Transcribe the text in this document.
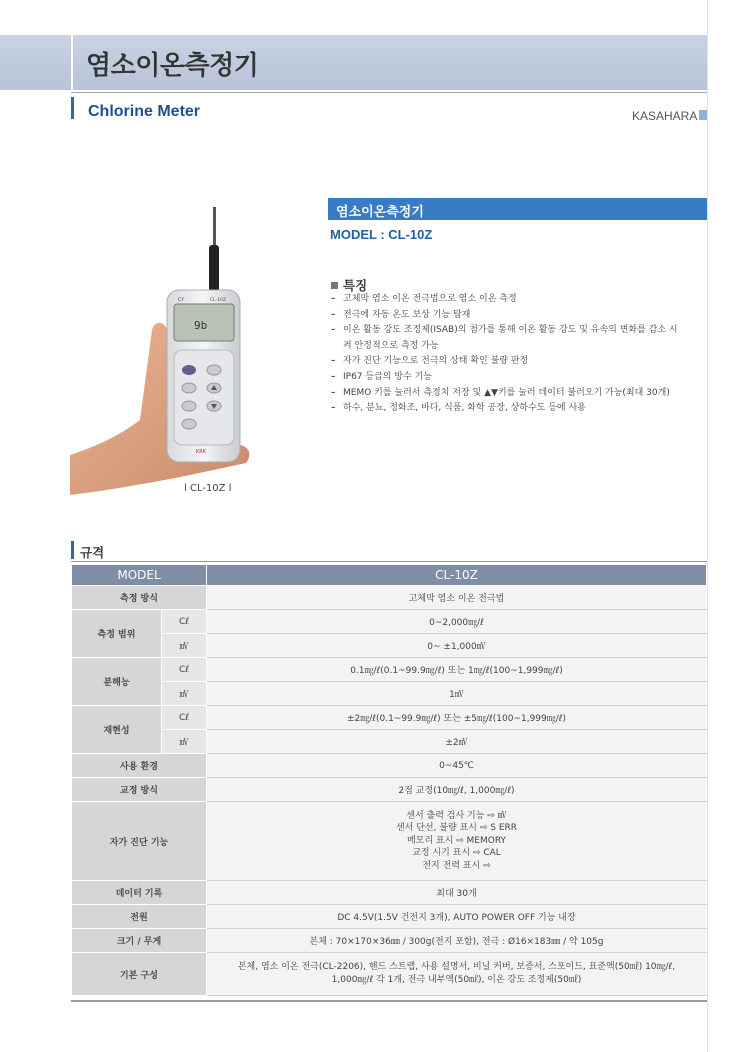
염소이온측정기
Chlorine Meter	KASAHARA
Cℓ	CL-10Z
9b
KRK
l CL-10Z l
염소이온측정기
MODEL : CL-10Z
특징
– 고체막 염소 이온 전극법으로 염소 이온 측정
– 전극에 자동 온도 보상 기능 탑재
– 이온 활동 강도 조정제(ISAB)의 첨가를 통해 이온 활동 강도 및 유속의 변화를 감소 시켜 안정적으로 측정 가능
– 자가 진단 기능으로 전극의 상태 확인 불량 판정
– IP67 등급의 방수 기능
– MEMO 키를 눌러서 측정치 저장 및 ▲▼키를 눌러 데이터 불러오기 가능(최대 30개)
– 하수, 분뇨, 정화조, 바다, 식품, 화학 공장, 상하수도 등에 사용
규격
MODEL		CL-10Z
측정 방식		고체막 염소 이온 전극법
측정 범위	Cℓ	0~2,000㎎/ℓ
	㎷	0~ ±1,000㎷
분해능	Cℓ	0.1㎎/ℓ(0.1~99.9㎎/ℓ) 또는 1㎎/ℓ(100~1,999㎎/ℓ)
	㎷	1㎷
재현성	Cℓ	±2㎎/ℓ(0.1~99.9㎎/ℓ) 또는 ±5㎎/ℓ(100~1,999㎎/ℓ)
	㎷	±2㎷
사용 환경		0~45℃
교정 방식		2점 교정(10㎎/ℓ, 1,000㎎/ℓ)
자가 진단 기능		센서 출력 검사 기능 ⇨ ㎷
센서 단선, 불량 표시 ⇨ S ERR
메모리 표시 ⇨ MEMORY
교정 시기 표시 ⇨ CAL
전지 전력 표시 ⇨

데이터 기록		최대 30개
전원		DC 4.5V(1.5V 건전지 3개), AUTO POWER OFF 기능 내장
크기 / 무게		본체 : 70×170×36㎜ / 300g(전지 포함), 전극 : Ø16×183㎜ / 약 105g
기본 구성		본체, 염소 이온 전극(CL-2206), 핸드 스트랩, 사용 설명서, 비닐 커버, 보증서, 스포이드, 표준액(50㎖) 10㎎/ℓ,
1,000㎎/ℓ 각 1개, 전극 내부액(50㎖), 이온 강도 조정제(50㎖)
